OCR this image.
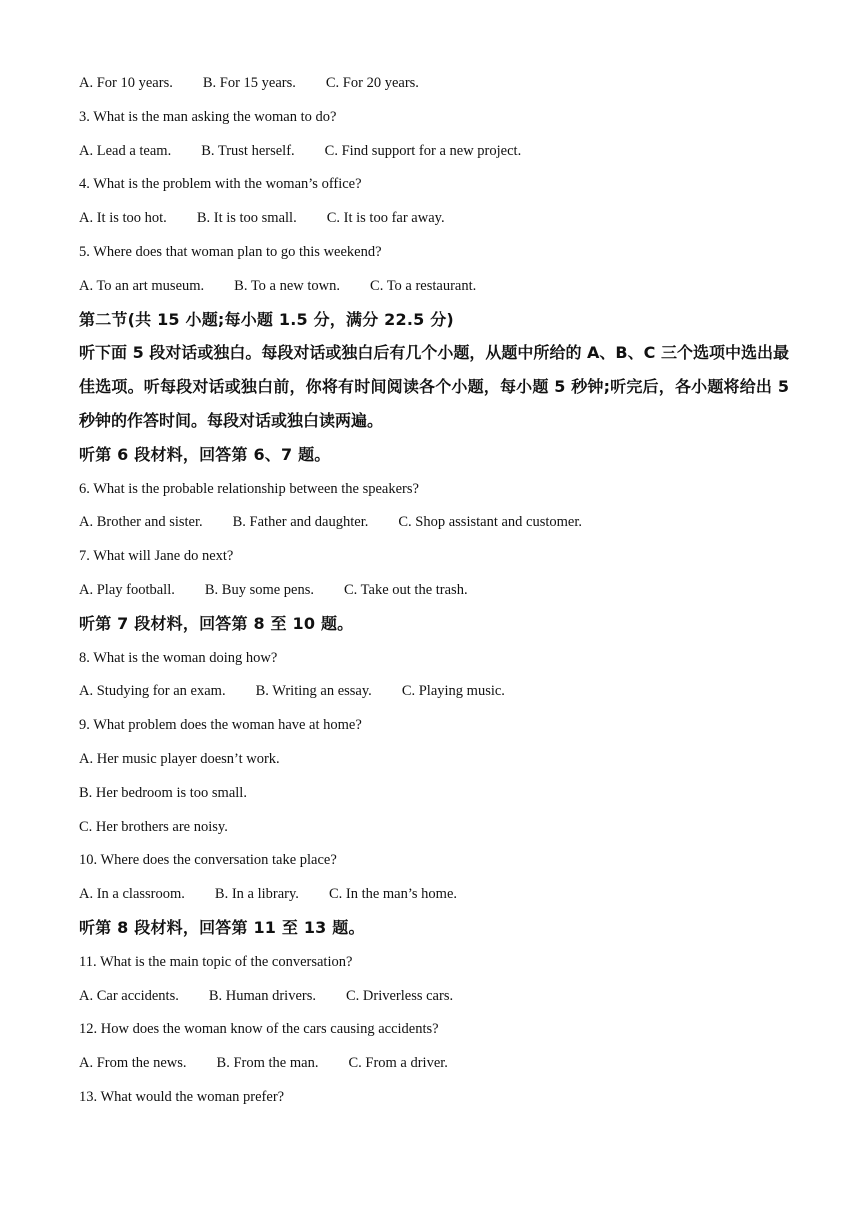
A. For 10 years. B. For 15 years. C. For 20 years.
3. What is the man asking the woman to do?
A. Lead a team. B. Trust herself. C. Find support for a new project.
4. What is the problem with the woman’s office?
A. It is too hot. B. It is too small. C. It is too far away.
5. Where does that woman plan to go this weekend?
A. To an art museum. B. To a new town. C. To a restaurant.
第二节(共 15 小题;每小题 1.5 分，满分 22.5 分)
听下面 5 段对话或独白。每段对话或独白后有几个小题，从题中所给的 A、B、C 三个选项中选出最佳选项。听每段对话或独白前，你将有时间阅读各个小题，每小题 5 秒钟;听完后，各小题将给出 5 秒钟的作答时间。每段对话或独白读两遍。
听第 6 段材料，回答第 6、7 题。
6. What is the probable relationship between the speakers?
A. Brother and sister. B. Father and daughter. C. Shop assistant and customer.
7. What will Jane do next?
A. Play football. B. Buy some pens. C. Take out the trash.
听第 7 段材料，回答第 8 至 10 题。
8. What is the woman doing how?
A. Studying for an exam. B. Writing an essay. C. Playing music.
9. What problem does the woman have at home?
A. Her music player doesn’t work.
B. Her bedroom is too small.
C. Her brothers are noisy.
10. Where does the conversation take place?
A. In a classroom. B. In a library. C. In the man’s home.
听第 8 段材料，回答第 11 至 13 题。
11. What is the main topic of the conversation?
A. Car accidents. B. Human drivers. C. Driverless cars.
12. How does the woman know of the cars causing accidents?
A. From the news. B. From the man. C. From a driver.
13. What would the woman prefer?
